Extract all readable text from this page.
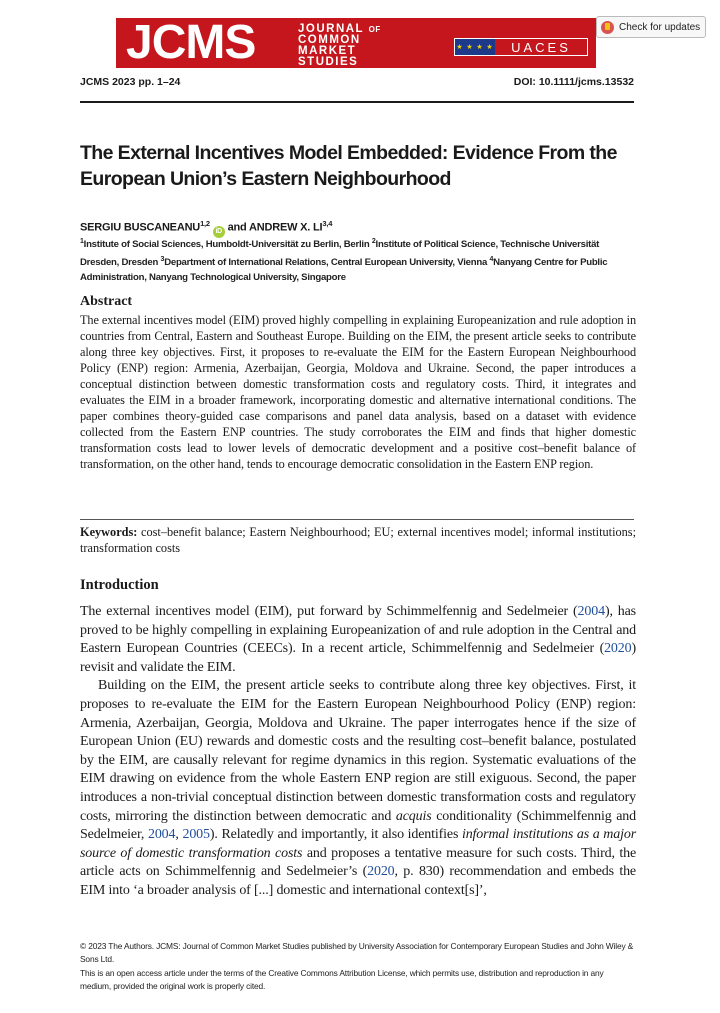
JCMS	JOURNAL OF
COMMON
MARKET
STUDIES
★ ★ ★ ★	UACES
Check for updates
JCMS 2023 pp. 1–24	DOI: 10.1111/jcms.13532
The External Incentives Model Embedded: Evidence From the
European Union’s Eastern Neighbourhood
SERGIU BUSCANEANU$^{1,2}$ iD and ANDREW X. LI$^{3,4}$
$^1$Institute of Social Sciences, Humboldt-Universität zu Berlin, Berlin $^2$Institute of Political Science, Technische Universität Dresden, Dresden $^3$Department of International Relations, Central European University, Vienna $^4$Nanyang Centre for Public Administration, Nanyang Technological University, Singapore
Abstract
The external incentives model (EIM) proved highly compelling in explaining Europeanization and rule adoption in countries from Central, Eastern and Southeast Europe. Building on the EIM, the present article seeks to contribute along three key objectives. First, it proposes to re-evaluate the EIM for the Eastern European Neighbourhood Policy (ENP) region: Armenia, Azerbaijan, Georgia, Moldova and Ukraine. Second, the paper introduces a conceptual distinction between domestic transformation costs and regulatory costs. Third, it integrates and evaluates the EIM in a broader framework, incorporating domestic and alternative international conditions. The paper combines theory-guided case comparisons and panel data analysis, based on a dataset with evidence collected from the Eastern ENP countries. The study corroborates the EIM and finds that higher domestic transformation costs lead to lower levels of democratic development and a positive cost–benefit balance of transformation, on the other hand, tends to encourage democratic consolidation in the Eastern ENP region.
Keywords: cost–benefit balance; Eastern Neighbourhood; EU; external incentives model; informal institutions; transformation costs
Introduction

The external incentives model (EIM), put forward by Schimmelfennig and Sedelmeier (2004), has proved to be highly compelling in explaining Europeanization of and rule adoption in the Central and Eastern European Countries (CEECs). In a recent article, Schimmelfennig and Sedelmeier (2020) revisit and validate the EIM.

Building on the EIM, the present article seeks to contribute along three key objectives. First, it proposes to re-evaluate the EIM for the Eastern European Neighbourhood Policy (ENP) region: Armenia, Azerbaijan, Georgia, Moldova and Ukraine. The paper interrogates hence if the size of European Union (EU) rewards and domestic costs and the resulting cost–benefit balance, postulated by the EIM, are causally relevant for regime dynamics in this region. Systematic evaluations of the EIM drawing on evidence from the whole Eastern ENP region are still exiguous. Second, the paper introduces a non-trivial conceptual distinction between domestic transformation costs and regulatory costs, mirroring the distinction between democratic and acquis conditionality (Schimmelfennig and Sedelmeier, 2004, 2005). Relatedly and importantly, it also identifies informal institutions as a major source of domestic transformation costs and proposes a tentative measure for such costs. Third, the article acts on Schimmelfennig and Sedelmeier’s (2020, p. 830) recommendation and embeds the EIM into ‘a broader analysis of [...] domestic and international context[s]’,

© 2023 The Authors. JCMS: Journal of Common Market Studies published by University Association for Contemporary European Studies and John Wiley & Sons Ltd.

This is an open access article under the terms of the Creative Commons Attribution License, which permits use, distribution and reproduction in any medium, provided the original work is properly cited.
